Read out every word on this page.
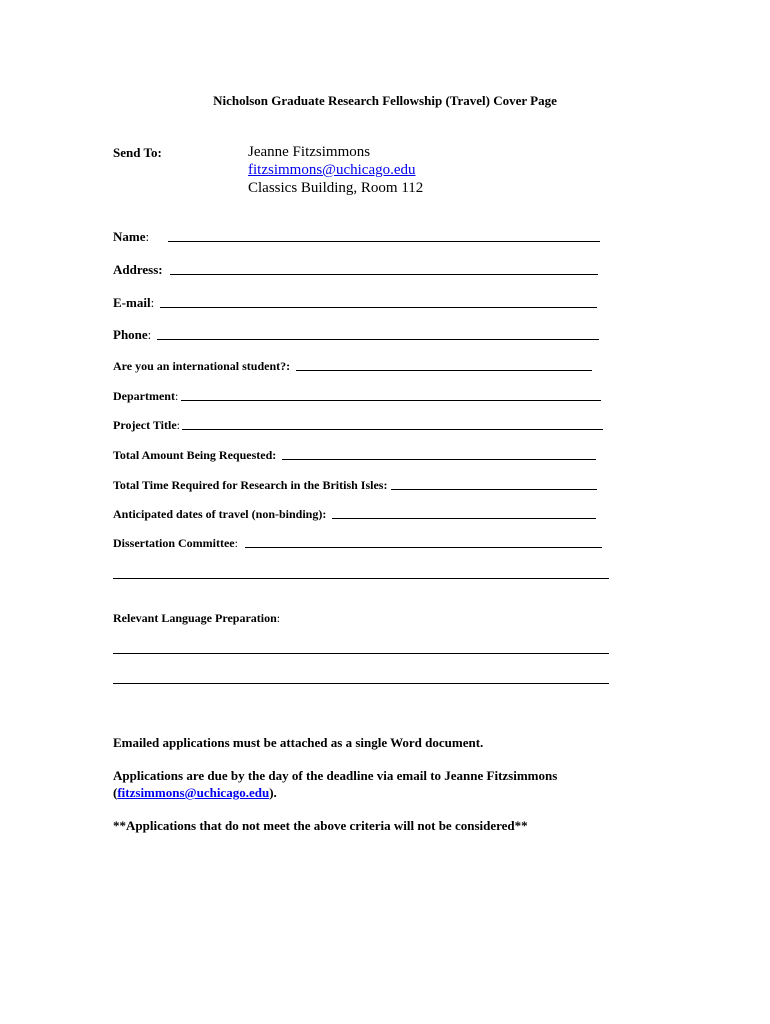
Nicholson Graduate Research Fellowship (Travel) Cover Page
Send To:	Jeanne Fitzsimmons
fitzsimmons@uchicago.edu
Classics Building, Room 112
Name :
Address:
E-mail :
Phone :
Are you an international student?:
Department :
Project Title :
Total Amount Being Requested:
Total Time Required for Research in the British Isles:
Anticipated dates of travel (non-binding):
Dissertation Committee :
Relevant Language Preparation :
Emailed applications must be attached as a single Word document.
Applications are due by the day of the deadline via email to Jeanne Fitzsimmons
(fitzsimmons@uchicago.edu).
**Applications that do not meet the above criteria will not be considered**
